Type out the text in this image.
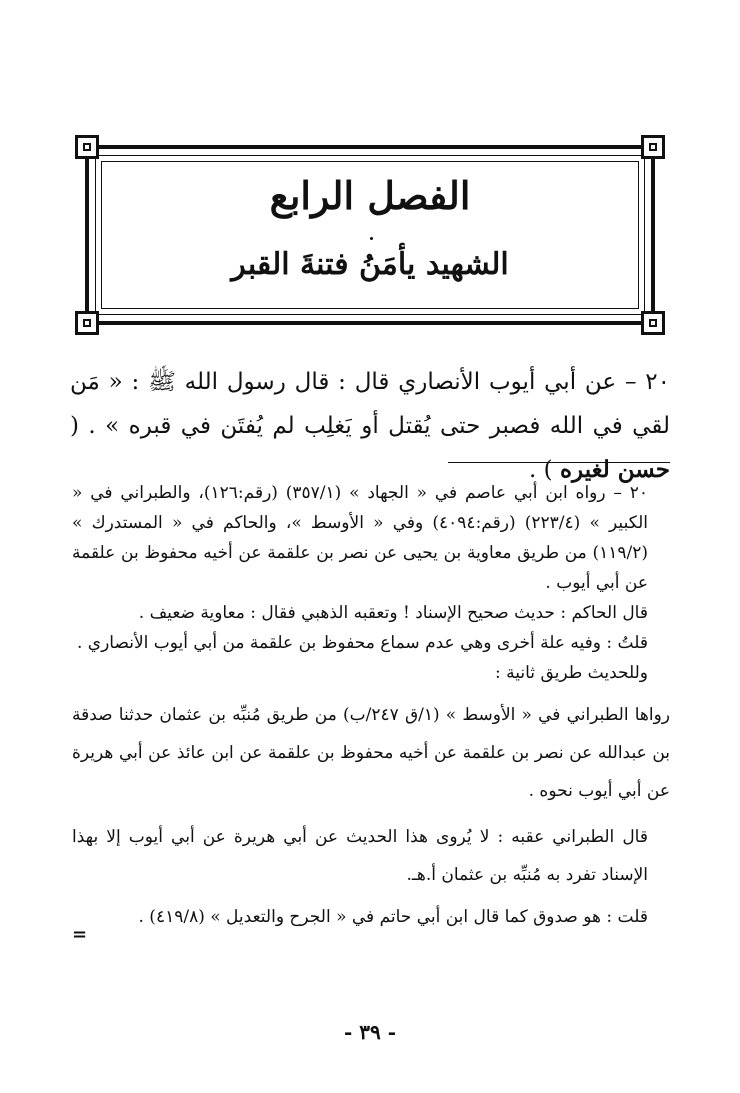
الفصل الرابع
الشهيد يأمَنُ فتنةَ القبر
٢٠ – عن أبي أيوب الأنصاري قال : قال رسول الله ﷺ : « مَن لقي في الله فصبر حتى يُقتل أو يَغلِب لم يُفتَن في قبره » . ( حسن لغيره ) .

٢٠ – رواه ابن أبي عاصم في « الجهاد » (٣٥٧/١) (رقم:١٢٦)، والطبراني في « الكبير » (٢٢٣/٤) (رقم:٤٠٩٤) وفي « الأوسط »، والحاكم في « المستدرك » (١١٩/٢) من طريق معاوية بن يحيى عن نصر بن علقمة عن أخيه محفوظ بن علقمة عن أبي أيوب .

قال الحاكم : حديث صحيح الإسناد ! وتعقبه الذهبي فقال : معاوية ضعيف .

قلتُ : وفيه علة أخرى وهي عدم سماع محفوظ بن علقمة من أبي أيوب الأنصاري .

وللحديث طريق ثانية :

رواها الطبراني في « الأوسط » (١/ق ٢٤٧/ب) من طريق مُنبِّه بن عثمان حدثنا صدقة بن عبدالله عن نصر بن علقمة عن أخيه محفوظ بن علقمة عن ابن عائذ عن أبي هريرة عن أبي أيوب نحوه .

قال الطبراني عقبه : لا يُروى هذا الحديث عن أبي هريرة عن أبي أيوب إلا بهذا الإسناد تفرد به مُنبِّه بن عثمان أ.هـ.

قلت : هو صدوق كما قال ابن أبي حاتم في « الجرح والتعديل » (٤١٩/٨) .

=
- ٣٩ -
